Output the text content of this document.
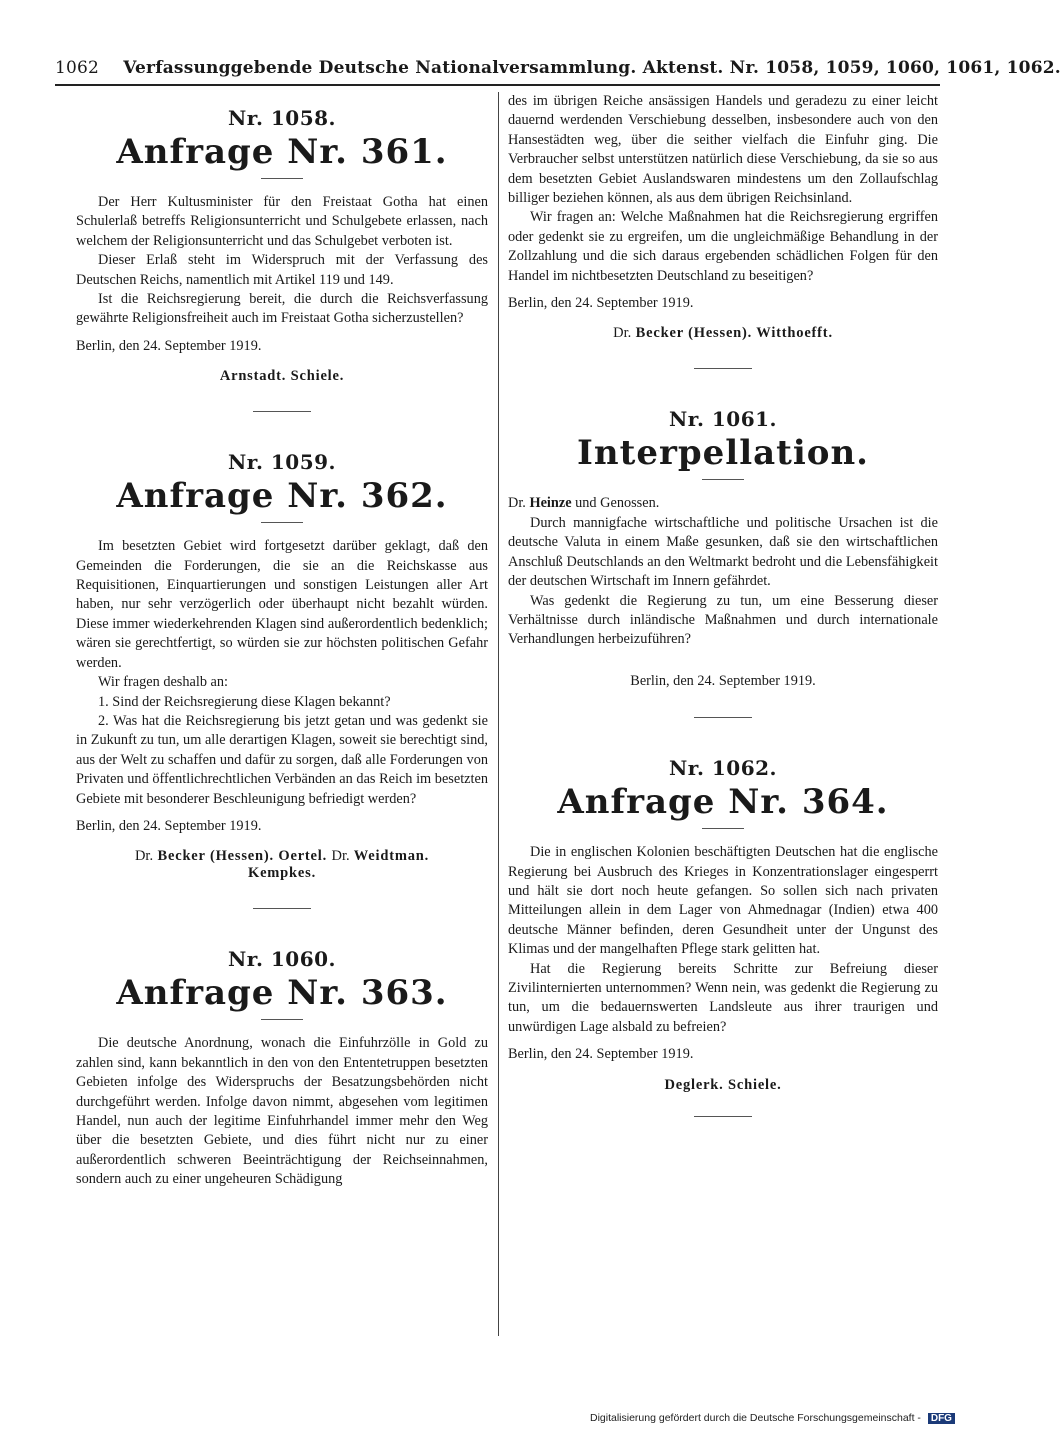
1062 Verfassunggebende Deutsche Nationalversammlung. Aktenst. Nr. 1058, 1059, 1060, 1061, 1062.
Nr. 1058.
Anfrage Nr. 361.

Der Herr Kultusminister für den Freistaat Gotha hat einen Schulerlaß betreffs Religionsunterricht und Schulgebete erlassen, nach welchem der Religionsunterricht und das Schulgebet verboten ist.

Dieser Erlaß steht im Widerspruch mit der Verfassung des Deutschen Reichs, namentlich mit Artikel 119 und 149.

Ist die Reichsregierung bereit, die durch die Reichsverfassung gewährte Religionsfreiheit auch im Freistaat Gotha sicherzustellen?

Berlin, den 24. September 1919.

Arnstadt. Schiele.

Nr. 1059.
Anfrage Nr. 362.

Im besetzten Gebiet wird fortgesetzt darüber geklagt, daß den Gemeinden die Forderungen, die sie an die Reichskasse aus Requisitionen, Einquartierungen und sonstigen Leistungen aller Art haben, nur sehr verzögerlich oder überhaupt nicht bezahlt würden. Diese immer wiederkehrenden Klagen sind außerordentlich bedenklich; wären sie gerechtfertigt, so würden sie zur höchsten politischen Gefahr werden.

Wir fragen deshalb an:

1. Sind der Reichsregierung diese Klagen bekannt?

2. Was hat die Reichsregierung bis jetzt getan und was gedenkt sie in Zukunft zu tun, um alle derartigen Klagen, soweit sie berechtigt sind, aus der Welt zu schaffen und dafür zu sorgen, daß alle Forderungen von Privaten und öffentlichrechtlichen Verbänden an das Reich im besetzten Gebiete mit besonderer Beschleunigung befriedigt werden?

Berlin, den 24. September 1919.

Dr. Becker (Hessen). Oertel. Dr. Weidtman.
Kempkes.

Nr. 1060.
Anfrage Nr. 363.

Die deutsche Anordnung, wonach die Einfuhrzölle in Gold zu zahlen sind, kann bekanntlich in den von den Ententetruppen besetzten Gebieten infolge des Widerspruchs der Besatzungsbehörden nicht durchgeführt werden. Infolge davon nimmt, abgesehen vom legitimen Handel, nun auch der legitime Einfuhrhandel immer mehr den Weg über die besetzten Gebiete, und dies führt nicht nur zu einer außerordentlich schweren Beeinträchtigung der Reichseinnahmen, sondern auch zu einer ungeheuren Schädigung

des im übrigen Reiche ansässigen Handels und geradezu zu einer leicht dauernd werdenden Verschiebung desselben, insbesondere auch von den Hansestädten weg, über die seither vielfach die Einfuhr ging. Die Verbraucher selbst unterstützen natürlich diese Verschiebung, da sie so aus dem besetzten Gebiet Auslandswaren mindestens um den Zollaufschlag billiger beziehen können, als aus dem übrigen Reichsinland.

Wir fragen an: Welche Maßnahmen hat die Reichsregierung ergriffen oder gedenkt sie zu ergreifen, um die ungleichmäßige Behandlung in der Zollzahlung und die sich daraus ergebenden schädlichen Folgen für den Handel im nichtbesetzten Deutschland zu beseitigen?

Berlin, den 24. September 1919.

Dr. Becker (Hessen). Witthoefft.

Nr. 1061.
Interpellation.

Dr. Heinze und Genossen.

Durch mannigfache wirtschaftliche und politische Ursachen ist die deutsche Valuta in einem Maße gesunken, daß sie den wirtschaftlichen Anschluß Deutschlands an den Weltmarkt bedroht und die Lebensfähigkeit der deutschen Wirtschaft im Innern gefährdet.

Was gedenkt die Regierung zu tun, um eine Besserung dieser Verhältnisse durch inländische Maßnahmen und durch internationale Verhandlungen herbeizuführen?

Berlin, den 24. September 1919.

Nr. 1062.
Anfrage Nr. 364.

Die in englischen Kolonien beschäftigten Deutschen hat die englische Regierung bei Ausbruch des Krieges in Konzentrationslager eingesperrt und hält sie dort noch heute gefangen. So sollen sich nach privaten Mitteilungen allein in dem Lager von Ahmednagar (Indien) etwa 400 deutsche Männer befinden, deren Gesundheit unter der Ungunst des Klimas und der mangelhaften Pflege stark gelitten hat.

Hat die Regierung bereits Schritte zur Befreiung dieser Zivilinternierten unternommen? Wenn nein, was gedenkt die Regierung zu tun, um die bedauernswerten Landsleute aus ihrer traurigen und unwürdigen Lage alsbald zu befreien?

Berlin, den 24. September 1919.

Deglerk. Schiele.

Digitalisierung gefördert durch die Deutsche Forschungsgemeinschaft - DFG
